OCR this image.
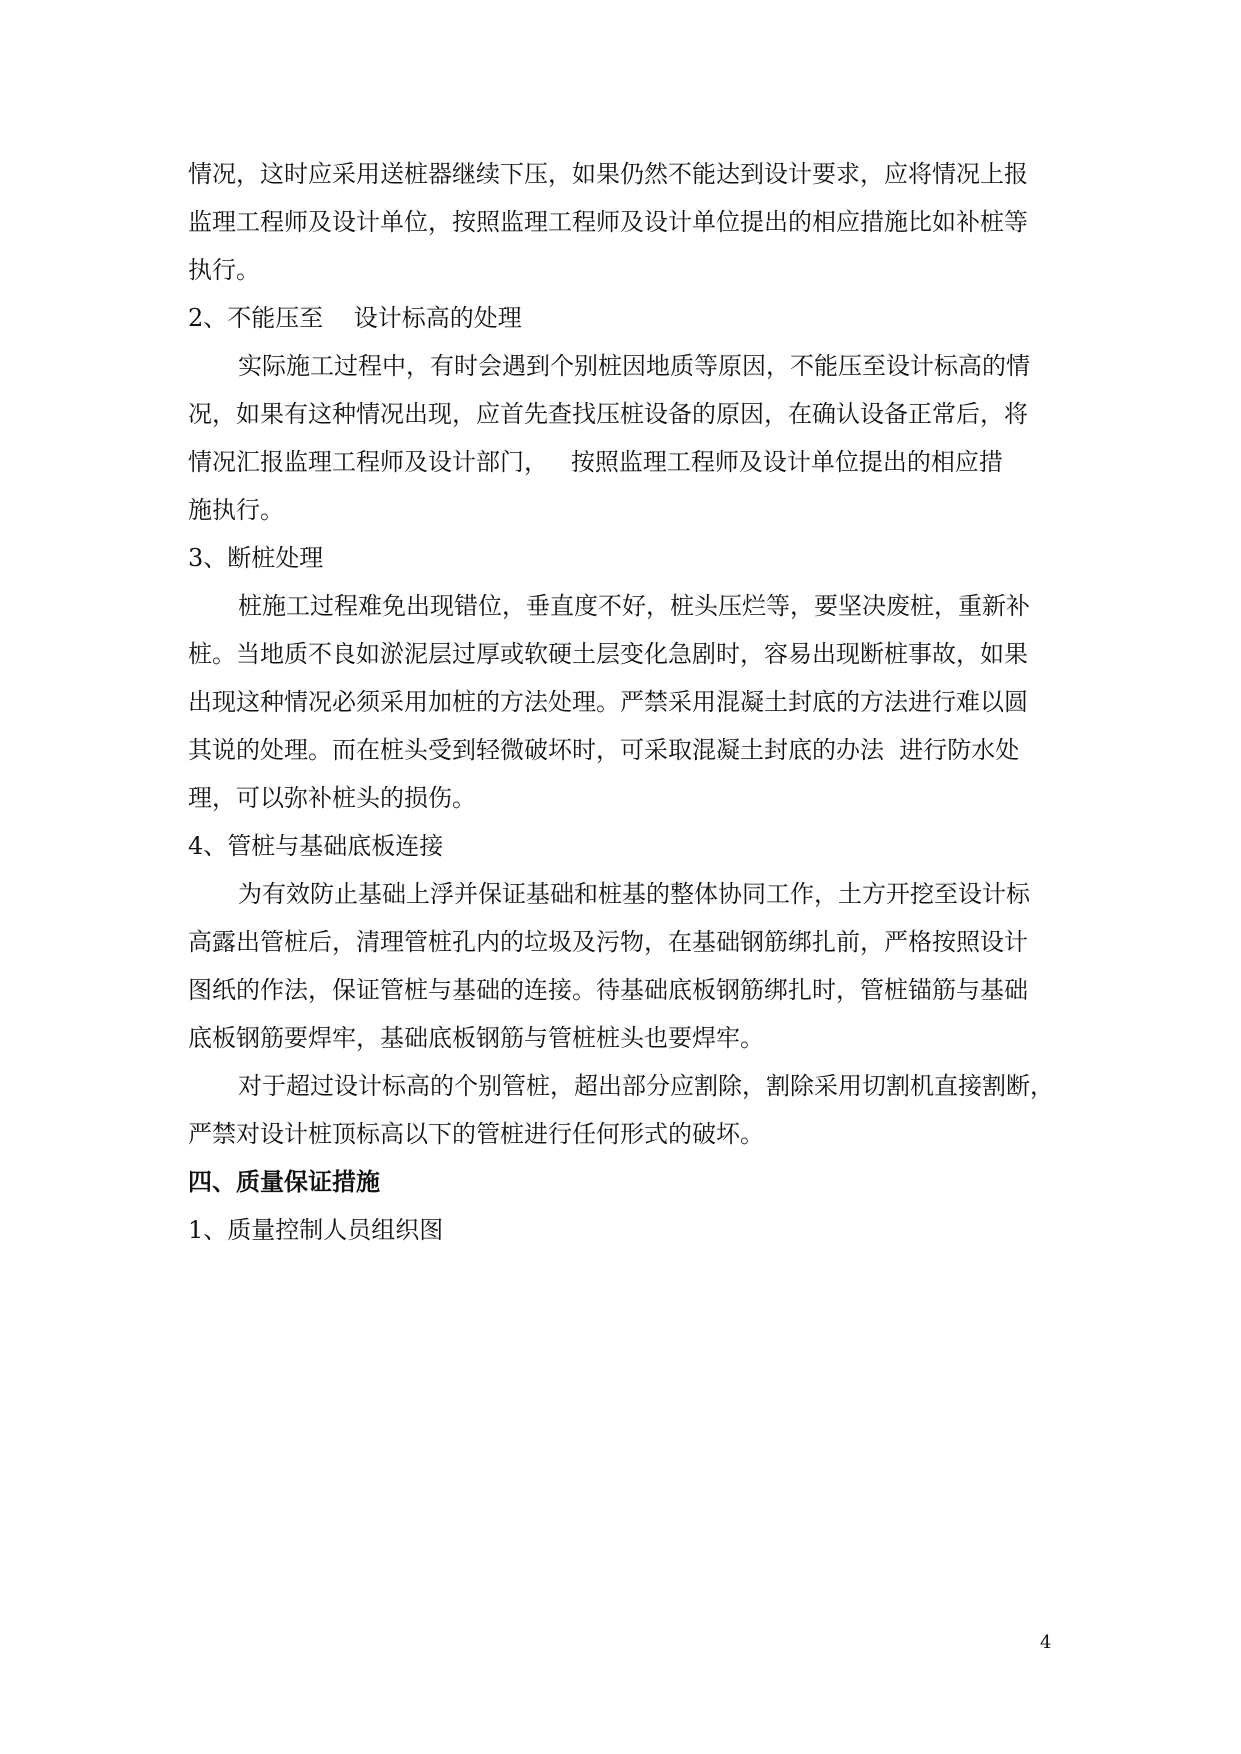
情况，这时应采用送桩器继续下压，如果仍然不能达到设计要求，应将情况上报
监理工程师及设计单位，按照监理工程师及设计单位提出的相应措施比如补桩等
执行。

2、不能压至    设计标高的处理

实际施工过程中，有时会遇到个别桩因地质等原因，不能压至设计标高的情
况，如果有这种情况出现，应首先查找压桩设备的原因，在确认设备正常后，将
情况汇报监理工程师及设计部门，   按照监理工程师及设计单位提出的相应措
施执行。

3、断桩处理

桩施工过程难免出现错位，垂直度不好，桩头压烂等，要坚决废桩，重新补
桩。当地质不良如淤泥层过厚或软硬土层变化急剧时，容易出现断桩事故，如果
出现这种情况必须采用加桩的方法处理。严禁采用混凝土封底的方法进行难以圆
其说的处理。而在桩头受到轻微破坏时，可采取混凝土封底的办法  进行防水处
理，可以弥补桩头的损伤。

4、管桩与基础底板连接

为有效防止基础上浮并保证基础和桩基的整体协同工作，土方开挖至设计标
高露出管桩后，清理管桩孔内的垃圾及污物，在基础钢筋绑扎前，严格按照设计
图纸的作法，保证管桩与基础的连接。待基础底板钢筋绑扎时，管桩锚筋与基础
底板钢筋要焊牢，基础底板钢筋与管桩桩头也要焊牢。

对于超过设计标高的个别管桩，超出部分应割除，割除采用切割机直接割断，
严禁对设计桩顶标高以下的管桩进行任何形式的破坏。

四、质量保证措施

1、质量控制人员组织图

4
